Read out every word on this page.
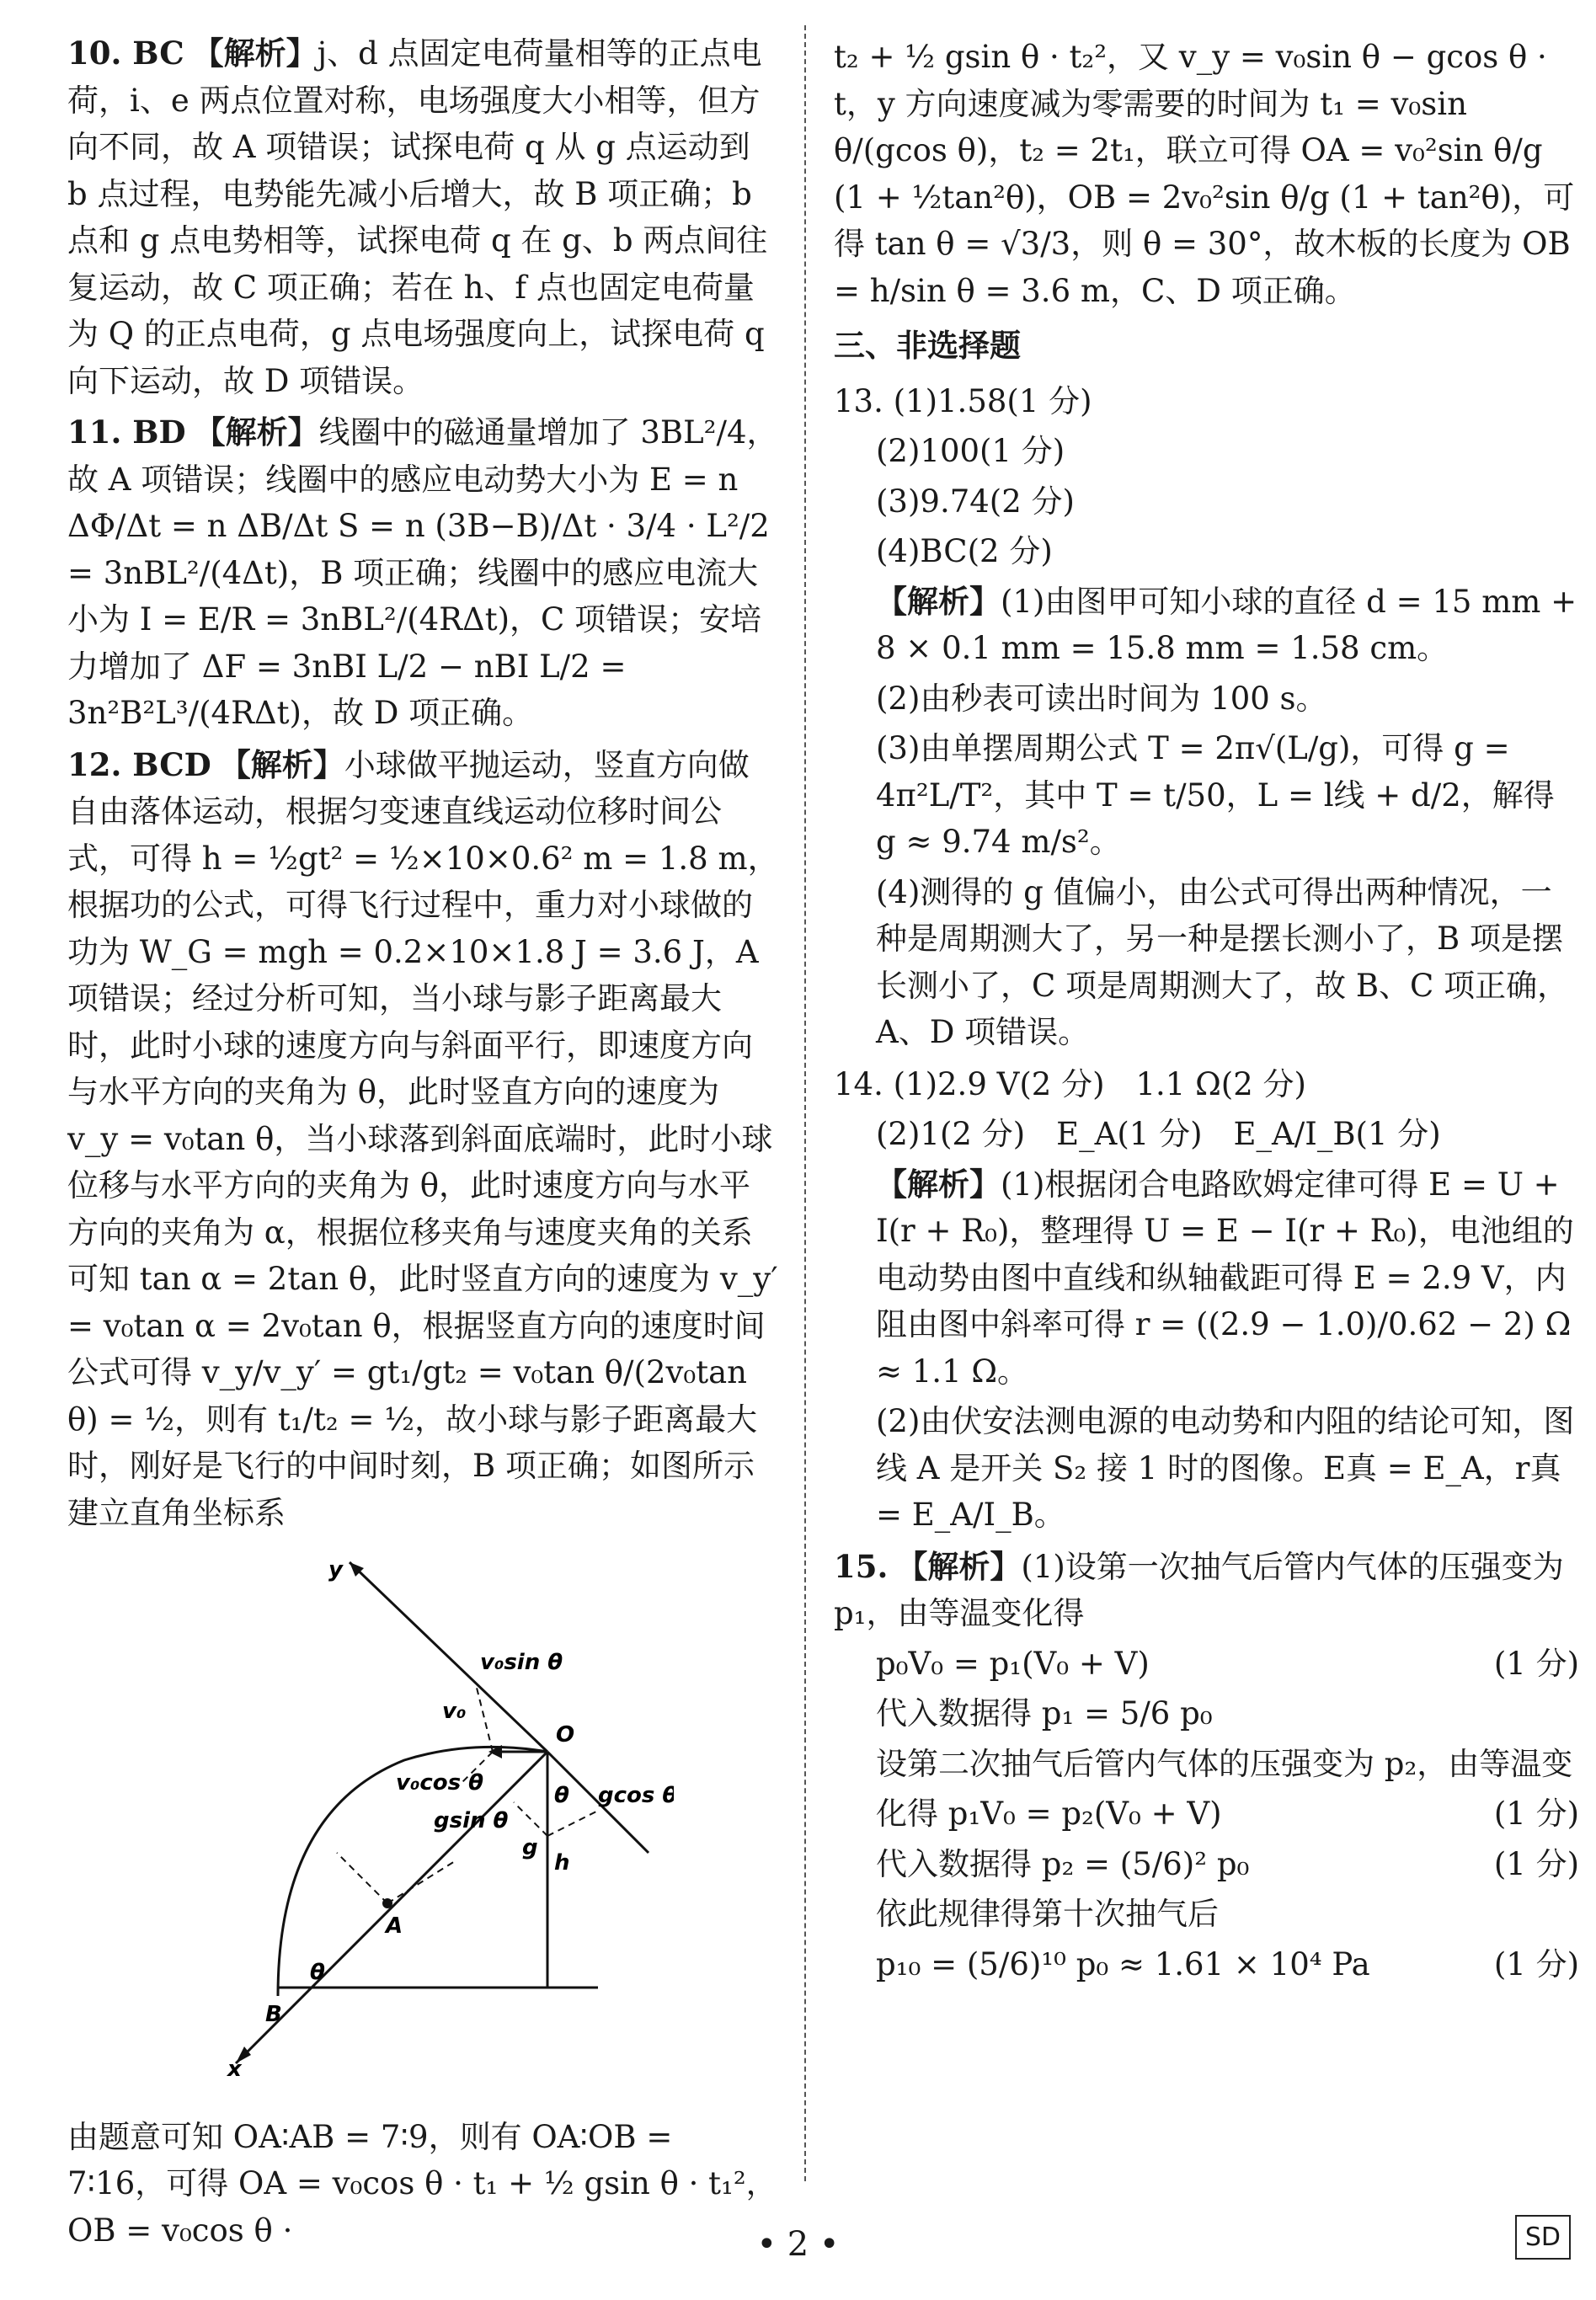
10. BC 【解析】j、d 点固定电荷量相等的正点电荷，i、e 两点位置对称，电场强度大小相等，但方向不同，故 A 项错误；试探电荷 q 从 g 点运动到 b 点过程，电势能先减小后增大，故 B 项正确；b 点和 g 点电势相等，试探电荷 q 在 g、b 两点间往复运动，故 C 项正确；若在 h、f 点也固定电荷量为 Q 的正点电荷，g 点电场强度向上，试探电荷 q 向下运动，故 D 项错误。
11. BD 【解析】线圈中的磁通量增加了 3BL²/4，故 A 项错误；线圈中的感应电动势大小为 E = n ΔΦ/Δt = n ΔB/Δt S = n (3B−B)/Δt · 3/4 · L²/2 = 3nBL²/(4Δt)，B 项正确；线圈中的感应电流大小为 I = E/R = 3nBL²/(4RΔt)，C 项错误；安培力增加了 ΔF = 3nBI L/2 − nBI L/2 = 3n²B²L³/(4RΔt)，故 D 项正确。
12. BCD 【解析】小球做平抛运动，竖直方向做自由落体运动，根据匀变速直线运动位移时间公式，可得 h = ½gt² = ½×10×0.6² m = 1.8 m，根据功的公式，可得飞行过程中，重力对小球做的功为 W_G = mgh = 0.2×10×1.8 J = 3.6 J，A 项错误；经过分析可知，当小球与影子距离最大时，此时小球的速度方向与斜面平行，即速度方向与水平方向的夹角为 θ，此时竖直方向的速度为 v_y = v₀tan θ，当小球落到斜面底端时，此时小球位移与水平方向的夹角为 θ，此时速度方向与水平方向的夹角为 α，根据位移夹角与速度夹角的关系可知 tan α = 2tan θ，此时竖直方向的速度为 v_y′ = v₀tan α = 2v₀tan θ，根据竖直方向的速度时间公式可得 v_y/v_y′ = gt₁/gt₂ = v₀tan θ/(2v₀tan θ) = ½，则有 t₁/t₂ = ½，故小球与影子距离最大时，刚好是飞行的中间时刻，B 项正确；如图所示建立直角坐标系
y
v₀sin θ
v₀
O
v₀cos θ	θ gcos θ
gsin θ
g
A
h
θ
B
x
由题意可知 OA∶AB = 7∶9，则有 OA∶OB = 7∶16，可得 OA = v₀cos θ · t₁ + ½ gsin θ · t₁²，OB = v₀cos θ ·
t₂ + ½ gsin θ · t₂²，又 v_y = v₀sin θ − gcos θ · t，y 方向速度减为零需要的时间为 t₁ = v₀sin θ/(gcos θ)，t₂ = 2t₁，联立可得 OA = v₀²sin θ/g (1 + ½tan²θ)，OB = 2v₀²sin θ/g (1 + tan²θ)，可得 tan θ = √3/3，则 θ = 30°，故木板的长度为 OB = h/sin θ = 3.6 m，C、D 项正确。
三、非选择题
13. (1)1.58(1 分)
(2)100(1 分)
(3)9.74(2 分)
(4)BC(2 分)
【解析】(1)由图甲可知小球的直径 d = 15 mm + 8 × 0.1 mm = 15.8 mm = 1.58 cm。
(2)由秒表可读出时间为 100 s。
(3)由单摆周期公式 T = 2π√(L/g)，可得 g = 4π²L/T²，其中 T = t/50，L = l线 + d/2，解得 g ≈ 9.74 m/s²。
(4)测得的 g 值偏小，由公式可得出两种情况，一种是周期测大了，另一种是摆长测小了，B 项是摆长测小了，C 项是周期测大了，故 B、C 项正确，A、D 项错误。
14. (1)2.9 V(2 分)　1.1 Ω(2 分)
(2)1(2 分)　E_A(1 分)　E_A/I_B(1 分)
【解析】(1)根据闭合电路欧姆定律可得 E = U + I(r + R₀)，整理得 U = E − I(r + R₀)，电池组的电动势由图中直线和纵轴截距可得 E = 2.9 V，内阻由图中斜率可得 r = ((2.9 − 1.0)/0.62 − 2) Ω ≈ 1.1 Ω。
(2)由伏安法测电源的电动势和内阻的结论可知，图线 A 是开关 S₂ 接 1 时的图像。E真 = E_A，r真 = E_A/I_B。
15. 【解析】(1)设第一次抽气后管内气体的压强变为 p₁，由等温变化得
p₀V₀ = p₁(V₀ + V)	(1 分)
代入数据得 p₁ = 5/6 p₀
设第二次抽气后管内气体的压强变为 p₂，由等温变
化得 p₁V₀ = p₂(V₀ + V)	(1 分)
代入数据得 p₂ = (5/6)² p₀	(1 分)
依此规律得第十次抽气后
p₁₀ = (5/6)¹⁰ p₀ ≈ 1.61 × 10⁴ Pa	(1 分)
• 2 •	SD
